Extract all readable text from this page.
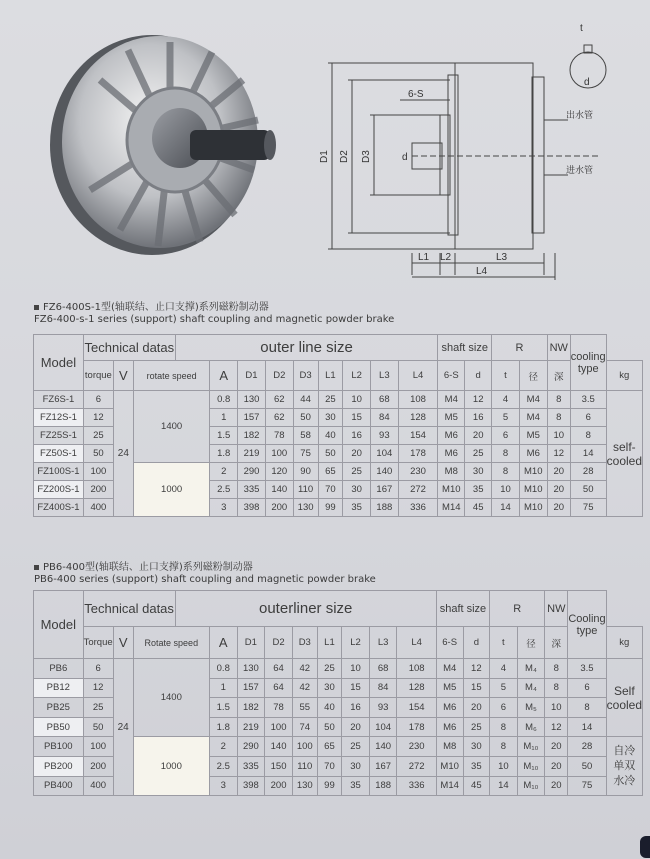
t
d
6-S
D1 D2 D3	d
L1 L2	L3
L4
出水管
进水管
FZ6-400S-1型(轴联结、止口支撑)系列磁粉制动器
FZ6-400-s-1 series (support) shaft coupling and magnetic powder brake
Model	Technical datas			outer line size									shaft size		R		NW	cooling type	
	torque	V	rotate speed		A	D1	D2	D3	L1	L2	L3	L4	6-S	d	t	径	深		kg
FZ6S-1	6	24	1400		0.8	130	62	44	25	10	68	108	M4	12	4	M4	8	3.5	self-cooled
FZ12S-1	12				1	157	62	50	30	15	84	128	M5	16	5	M4	8	6	
FZ25S-1	25				1.5	182	78	58	40	16	93	154	M6	20	6	M5	10	8	
FZ50S-1	50				1.8	219	100	75	50	20	104	178	M6	25	8	M6	12	14	
FZ100S-1	100		1000		2	290	120	90	65	25	140	230	M8	30	8	M10	20	28	
FZ200S-1	200				2.5	335	140	110	70	30	167	272	M10	35	10	M10	20	50	
FZ400S-1	400				3	398	200	130	99	35	188	336	M14	45	14	M10	20	75	
PB6-400型(轴联结、止口支撑)系列磁粉制动器
PB6-400 series (support) shaft coupling and magnetic powder brake
Model	Technical datas			outerliner size									shaft size		R		NW	Cooling type	
	Torque	V	Rotate speed		A	D1	D2	D3	L1	L2	L3	L4	6-S	d	t	径	深		kg
PB6	6	24	1400		0.8	130	64	42	25	10	68	108	M4	12	4	M₄	8	3.5	Self cooled
PB12	12				1	157	64	42	30	15	84	128	M5	15	5	M₄	8	6	
PB25	25				1.5	182	78	55	40	16	93	154	M6	20	6	M₅	10	8	
PB50	50				1.8	219	100	74	50	20	104	178	M6	25	8	M₆	12	14	
PB100	100		1000		2	290	140	100	65	25	140	230	M8	30	8	M₁₀	20	28	自冷 单双 水冷
PB200	200				2.5	335	150	110	70	30	167	272	M10	35	10	M₁₀	20	50	
PB400	400				3	398	200	130	99	35	188	336	M14	45	14	M₁₀	20	75	
